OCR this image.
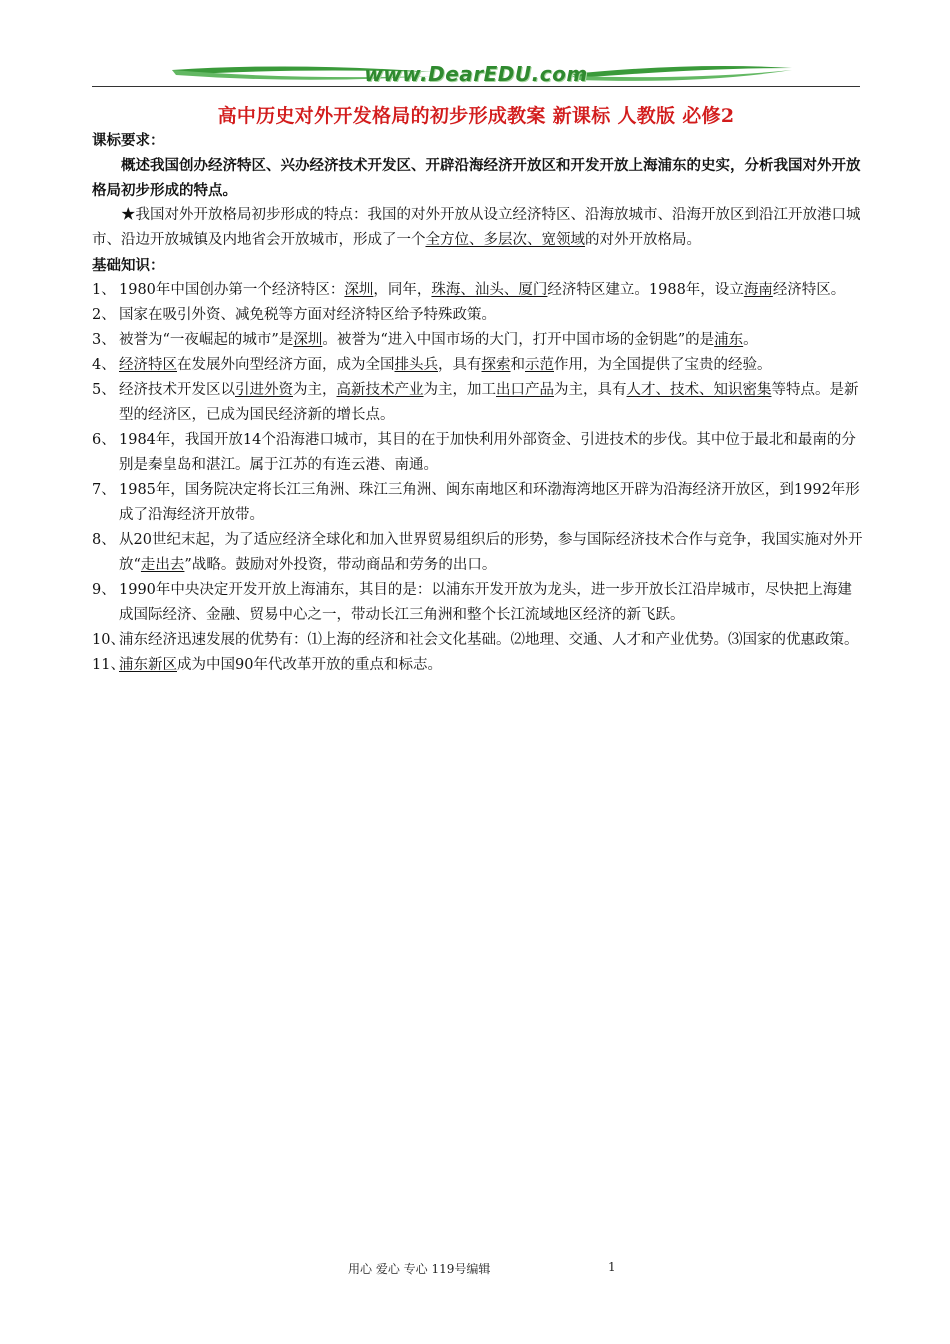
www.DearEDU.com
高中历史对外开发格局的初步形成教案 新课标 人教版 必修2
课标要求：
概述我国创办经济特区、兴办经济技术开发区、开辟沿海经济开放区和开发开放上海浦东的史实，分析我国对外开放格局初步形成的特点。
★我国对外开放格局初步形成的特点：我国的对外开放从设立经济特区、沿海放城市、沿海开放区到沿江开放港口城市、沿边开放城镇及内地省会开放城市，形成了一个全方位、多层次、宽领域的对外开放格局。
基础知识：
1、 1980年中国创办第一个经济特区：深圳，同年，珠海、汕头、厦门经济特区建立。1988年，设立海南经济特区。
2、 国家在吸引外资、减免税等方面对经济特区给予特殊政策。
3、 被誉为“一夜崛起的城市”是深圳。被誉为“进入中国市场的大门，打开中国市场的金钥匙”的是浦东。
4、 经济特区在发展外向型经济方面，成为全国排头兵，具有探索和示范作用，为全国提供了宝贵的经验。
5、 经济技术开发区以引进外资为主，高新技术产业为主，加工出口产品为主，具有人才、技术、知识密集等特点。是新型的经济区，已成为国民经济新的增长点。
6、 1984年，我国开放14个沿海港口城市，其目的在于加快利用外部资金、引进技术的步伐。其中位于最北和最南的分别是秦皇岛和湛江。属于江苏的有连云港、南通。
7、 1985年，国务院决定将长江三角洲、珠江三角洲、闽东南地区和环渤海湾地区开辟为沿海经济开放区，到1992年形成了沿海经济开放带。
8、 从20世纪末起，为了适应经济全球化和加入世界贸易组织后的形势，参与国际经济技术合作与竞争，我国实施对外开放“走出去”战略。鼓励对外投资，带动商品和劳务的出口。
9、 1990年中央决定开发开放上海浦东，其目的是：以浦东开发开放为龙头，进一步开放长江沿岸城市，尽快把上海建成国际经济、金融、贸易中心之一，带动长江三角洲和整个长江流域地区经济的新飞跃。
10、
浦东经济迅速发展的优势有：⑴上海的经济和社会文化基础。⑵地理、交通、人才和产业优势。⑶国家的优惠政策。
11、
浦东新区成为中国90年代改革开放的重点和标志。
用心 爱心 专心 119号编辑	1
